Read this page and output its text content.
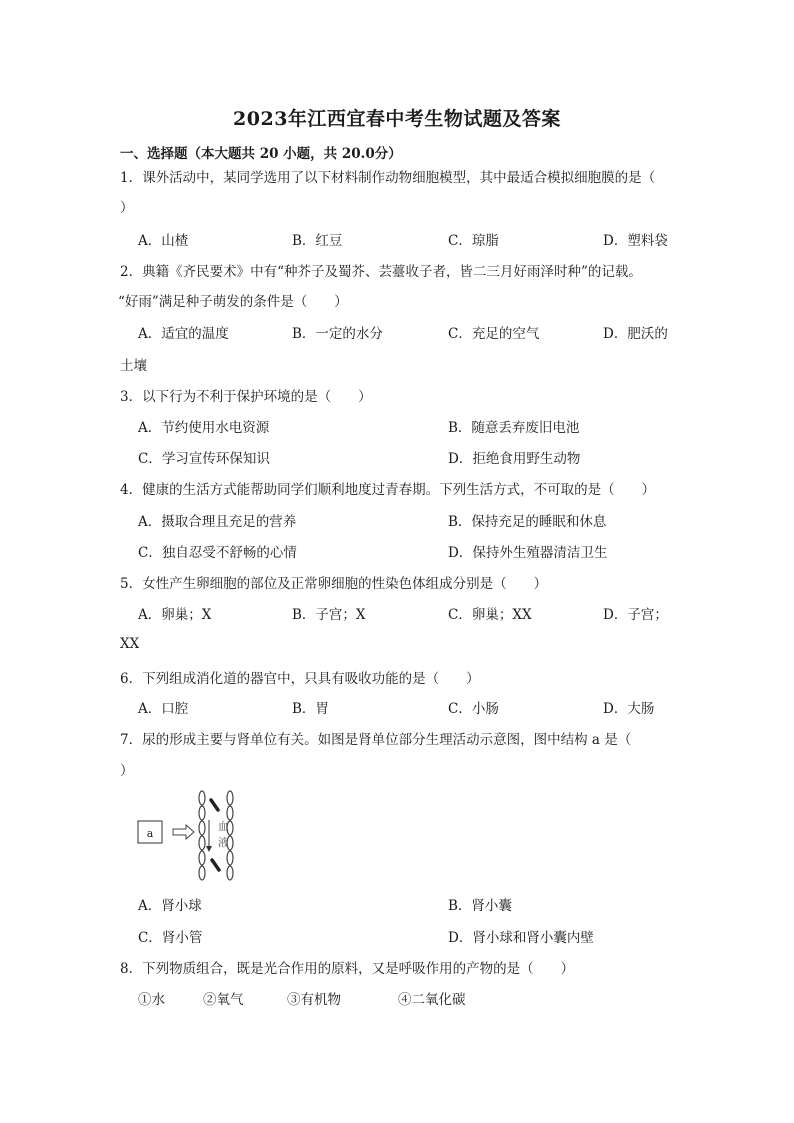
2023年江西宜春中考生物试题及答案
一、选择题（本大题共 20 小题，共 20.0分）
1．课外活动中，某同学选用了以下材料制作动物细胞模型，其中最适合模拟细胞膜的是（
）
A．山楂	B．红豆	C．琼脂	D．塑料袋
2．典籍《齐民要术》中有“种芥子及蜀芥、芸薹收子者，皆二三月好雨泽时种”的记载。
“好雨”满足种子萌发的条件是（　　）
A．适宜的温度	B．一定的水分	C．充足的空气	D．肥沃的
土壤
3．以下行为不利于保护环境的是（　　）
A．节约使用水电资源	B．随意丢弃废旧电池
C．学习宣传环保知识	D．拒绝食用野生动物
4．健康的生活方式能帮助同学们顺利地度过青春期。下列生活方式，不可取的是（　　）
A．摄取合理且充足的营养	B．保持充足的睡眠和休息
C．独自忍受不舒畅的心情	D．保持外生殖器清洁卫生
5．女性产生卵细胞的部位及正常卵细胞的性染色体组成分别是（　　）
A．卵巢；X	B．子宫；X	C．卵巢；XX	D．子宫；
XX
6．下列组成消化道的器官中，只具有吸收功能的是（　　）
A．口腔	B．胃	C．小肠	D．大肠
7．尿的形成主要与肾单位有关。如图是肾单位部分生理活动示意图，图中结构 a 是（
）
a
血
液
A．肾小球	B．肾小囊
C．肾小管	D．肾小球和肾小囊内壁
8．下列物质组合，既是光合作用的原料，又是呼吸作用的产物的是（　　）
①水	②氧气	③有机物	④二氧化碳
